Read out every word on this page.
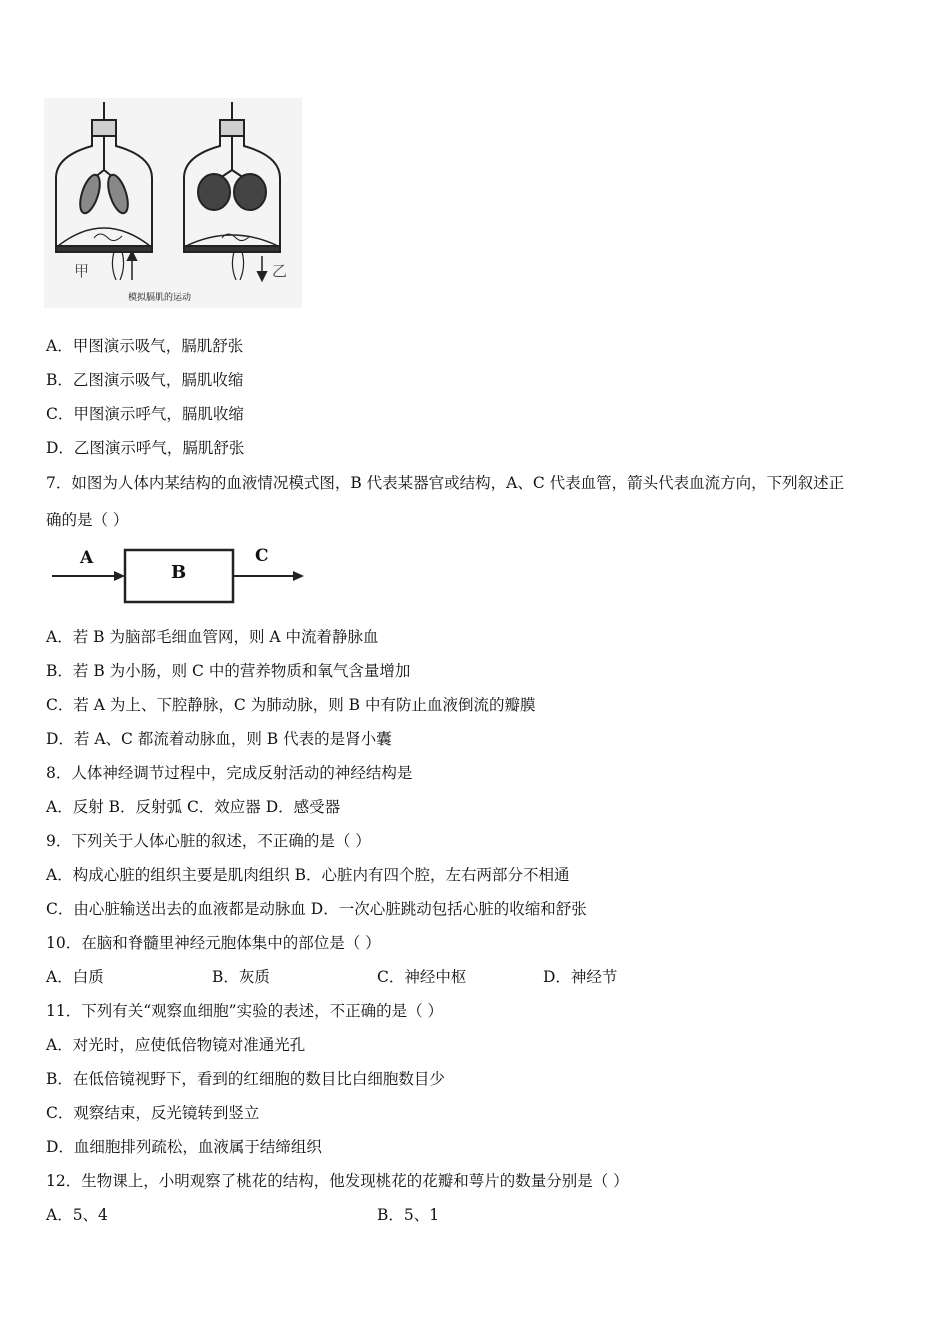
甲	乙
模拟膈肌的运动
A．甲图演示吸气，膈肌舒张
B．乙图演示吸气，膈肌收缩
C．甲图演示呼气，膈肌收缩
D．乙图演示呼气，膈肌舒张
7．如图为人体内某结构的血液情况模式图，B 代表某器官或结构，A、C 代表血管，箭头代表血流方向，下列叙述正
确的是（ ）
A
B
C
A．若 B 为脑部毛细血管网，则 A 中流着静脉血
B．若 B 为小肠，则 C 中的营养物质和氧气含量增加
C．若 A 为上、下腔静脉，C 为肺动脉，则 B 中有防止血液倒流的瓣膜
D．若 A、C 都流着动脉血，则 B 代表的是肾小囊
8．人体神经调节过程中，完成反射活动的神经结构是
A．反射 B．反射弧 C．效应器 D．感受器
9．下列关于人体心脏的叙述，不正确的是（ ）
A．构成心脏的组织主要是肌肉组织 B．心脏内有四个腔，左右两部分不相通
C．由心脏输送出去的血液都是动脉血 D．一次心脏跳动包括心脏的收缩和舒张
10．在脑和脊髓里神经元胞体集中的部位是（ ）
A．白质	B．灰质	C．神经中枢	D．神经节
11．下列有关“观察血细胞”实验的表述，不正确的是（ ）
A．对光时，应使低倍物镜对准通光孔
B．在低倍镜视野下，看到的红细胞的数目比白细胞数目少
C．观察结束，反光镜转到竖立
D．血细胞排列疏松，血液属于结缔组织
12．生物课上，小明观察了桃花的结构，他发现桃花的花瓣和萼片的数量分别是（ ）
A．5、4	B．5、1
